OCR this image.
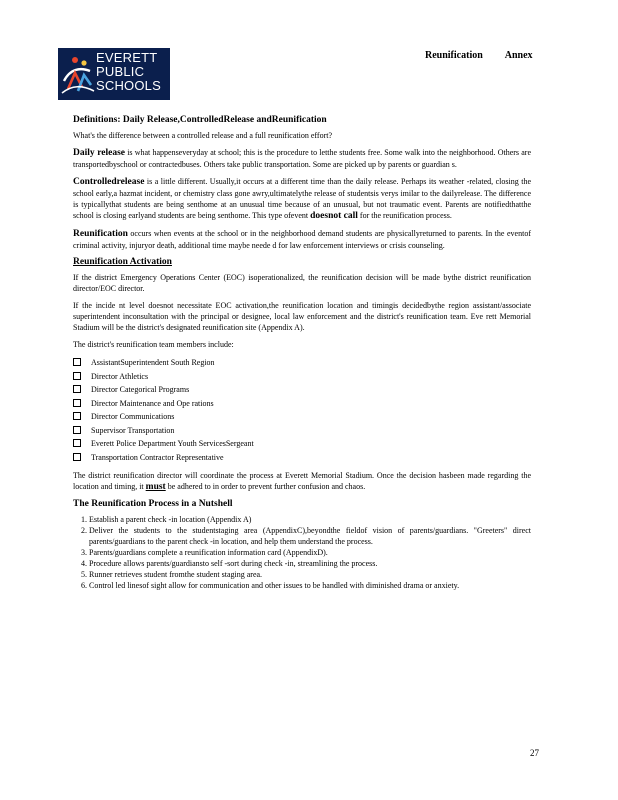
EVERETT
PUBLIC
SCHOOLS
Reunification Annex
Definitions: Daily Release,ControlledRelease andReunification

What's the difference between a controlled release and a full reunification effort?

Daily release is what happenseveryday at school; this is the procedure to letthe students free. Some walk into the neighborhood. Others are transportedbyschool or contractedbuses. Others take public transportation. Some are picked up by parents or guardian s.

Controlledrelease is a little different. Usually,it occurs at a different time than the daily release. Perhaps its weather -related, closing the school early,a hazmat incident, or chemistry class gone awry,ultimatelythe release of studentsis verys imilar to the dailyrelease. The difference is typicallythat students are being senthome at an unusual time because of an unusual, but not traumatic event. Parents are notifiedthatthe school is closing earlyand students are being senthome. This type ofevent doesnot call for the reunification process.

Reunification occurs when events at the school or in the neighborhood demand students are physicallyreturned to parents. In the eventof criminal activity, injuryor death, additional time maybe neede d for law enforcement interviews or crisis counseling.

Reunification Activation

If the district Emergency Operations Center (EOC) isoperationalized, the reunification decision will be made bythe district reunification director/EOC director.

If the incide nt level doesnot necessitate EOC activation,the reunification location and timingis decidedbythe region assistant/associate superintendent inconsultation with the principal or designee, local law enforcement and the district's reunification team. Eve rett Memorial Stadium will be the district's designated reunification site (Appendix A).

The district's reunification team members include:

AssistantSuperintendent South Region
Director Athletics
Director Categorical Programs
Director Maintenance and Ope rations
Director Communications
Supervisor Transportation
Everett Police Department Youth ServicesSergeant
Transportation Contractor Representative

The district reunification director will coordinate the process at Everett Memorial Stadium. Once the decision hasbeen made regarding the location and timing, it must be adhered to in order to prevent further confusion and chaos.

The Reunification Process in a Nutshell
1. Establish a parent check -in location (Appendix A)
2. Deliver the students to the studentstaging area (AppendixC),beyondthe fieldof vision of parents/guardians. "Greeters" direct parents/guardians to the parent check -in location, and help them understand the process.
3. Parents/guardians complete a reunification information card (AppendixD).
4. Procedure allows parents/guardiansto self -sort during check -in, streamlining the process.
5. Runner retrieves student fromthe student staging area.
6. Control led linesof sight allow for communication and other issues to be handled with diminished drama or anxiety.
27
